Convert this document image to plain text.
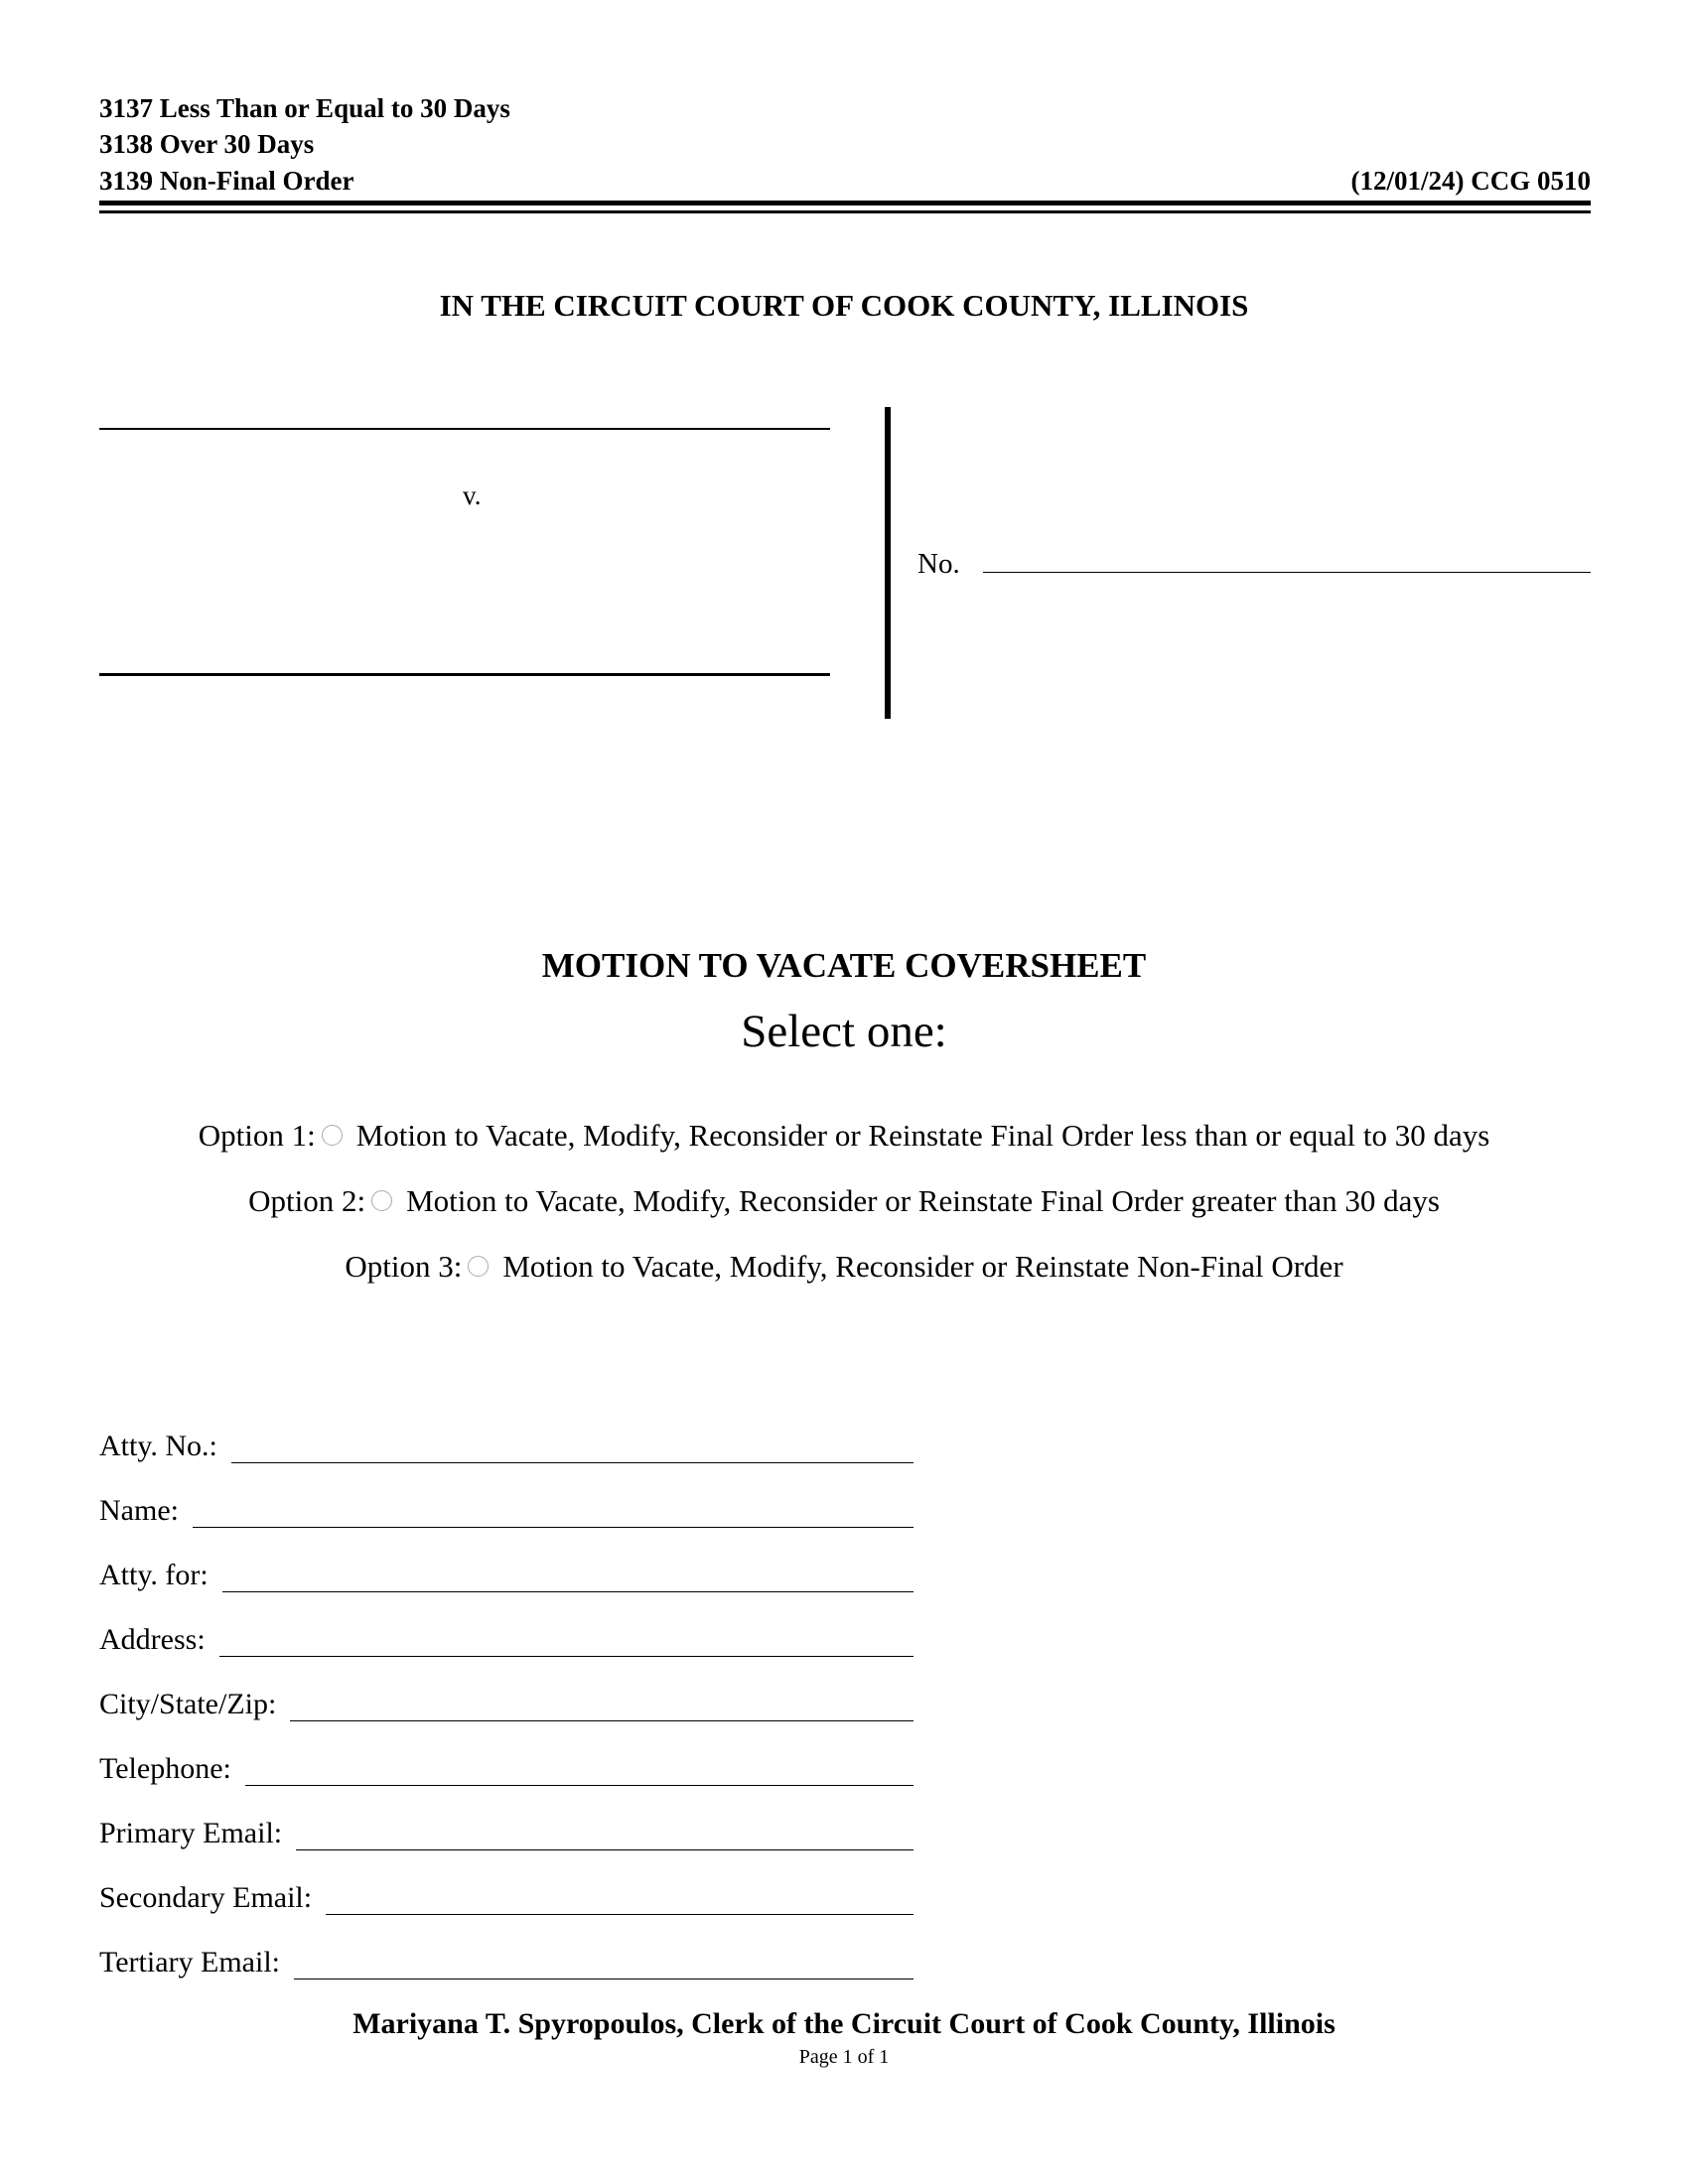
3137 Less Than or Equal to 30 Days
3138 Over 30 Days
3139 Non-Final Order	(12/01/24) CCG 0510
IN THE CIRCUIT COURT OF COOK COUNTY, ILLINOIS
v.
No.
MOTION TO VACATE COVERSHEET
Select one:
Option 1: Motion to Vacate, Modify, Reconsider or Reinstate Final Order less than or equal to 30 days
Option 2: Motion to Vacate, Modify, Reconsider or Reinstate Final Order greater than 30 days
Option 3: Motion to Vacate, Modify, Reconsider or Reinstate Non-Final Order
Atty. No.:
Name:
Atty. for:
Address:
City/State/Zip:
Telephone:
Primary Email:
Secondary Email:
Tertiary Email:
Mariyana T. Spyropoulos, Clerk of the Circuit Court of Cook County, Illinois
Page 1 of 1
